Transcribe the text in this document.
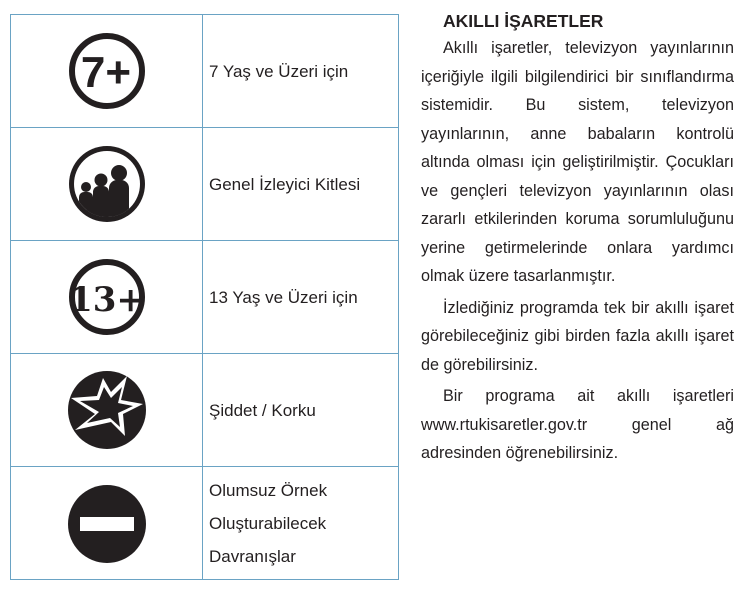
7+	7 Yaş ve Üzeri için
Genel İzleyici Kitlesi
13+	13 Yaş ve Üzeri için
Şiddet / Korku
Olumsuz Örnek
Oluşturabilecek
Davranışlar
AKILLI İŞARETLER

Akıllı işaretler, televizyon yayınlarının içeriğiyle ilgili bilgilendirici bir sınıflandırma sistemidir. Bu sistem, televizyon yayınlarının, anne babaların kontrolü altında olması için geliştirilmiştir. Çocukları ve gençleri televizyon yayınlarının olası zararlı etkilerinden koruma sorumluluğunu yerine getirmelerinde onlara yardımcı olmak üzere tasarlanmıştır.

İzlediğiniz programda tek bir akıllı işaret görebileceğiniz gibi birden fazla akıllı işaret de görebilirsiniz.

Bir programa ait akıllı işaretleri www.rtukisaretler.gov.tr genel ağ adresinden öğrenebilirsiniz.
